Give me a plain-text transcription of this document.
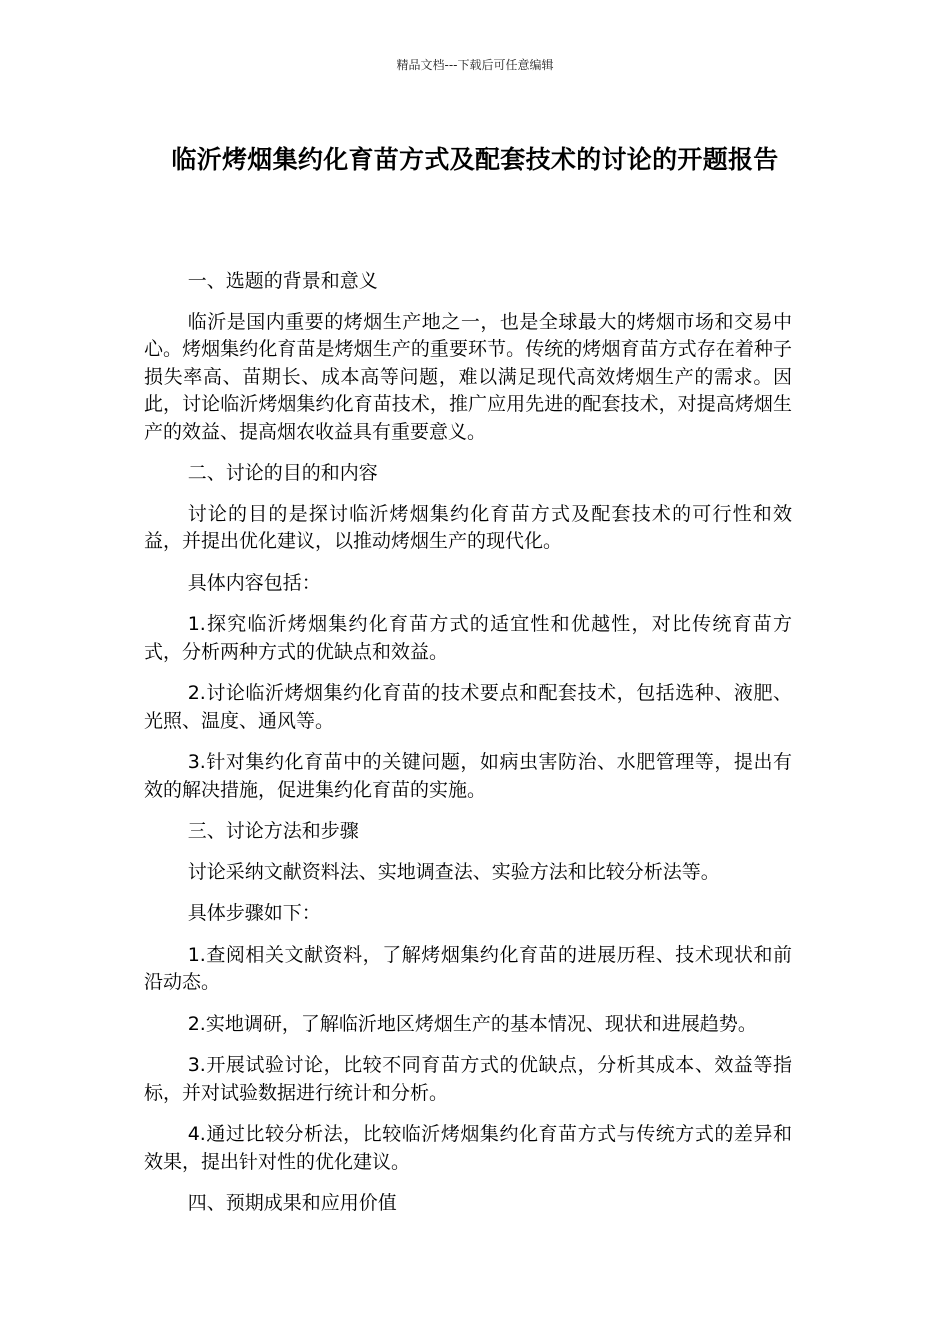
精品文档---下载后可任意编辑
临沂烤烟集约化育苗方式及配套技术的讨论的开题报告

一、选题的背景和意义

临沂是国内重要的烤烟生产地之一，也是全球最大的烤烟市场和交易中心。烤烟集约化育苗是烤烟生产的重要环节。传统的烤烟育苗方式存在着种子损失率高、苗期长、成本高等问题，难以满足现代高效烤烟生产的需求。因此，讨论临沂烤烟集约化育苗技术，推广应用先进的配套技术，对提高烤烟生产的效益、提高烟农收益具有重要意义。

二、讨论的目的和内容

讨论的目的是探讨临沂烤烟集约化育苗方式及配套技术的可行性和效益，并提出优化建议，以推动烤烟生产的现代化。

具体内容包括：

1.探究临沂烤烟集约化育苗方式的适宜性和优越性，对比传统育苗方式，分析两种方式的优缺点和效益。

2.讨论临沂烤烟集约化育苗的技术要点和配套技术，包括选种、液肥、光照、温度、通风等。

3.针对集约化育苗中的关键问题，如病虫害防治、水肥管理等，提出有效的解决措施，促进集约化育苗的实施。

三、讨论方法和步骤

讨论采纳文献资料法、实地调查法、实验方法和比较分析法等。

具体步骤如下：

1.查阅相关文献资料，了解烤烟集约化育苗的进展历程、技术现状和前沿动态。

2.实地调研，了解临沂地区烤烟生产的基本情况、现状和进展趋势。

3.开展试验讨论，比较不同育苗方式的优缺点，分析其成本、效益等指标，并对试验数据进行统计和分析。

4.通过比较分析法，比较临沂烤烟集约化育苗方式与传统方式的差异和效果，提出针对性的优化建议。

四、预期成果和应用价值
